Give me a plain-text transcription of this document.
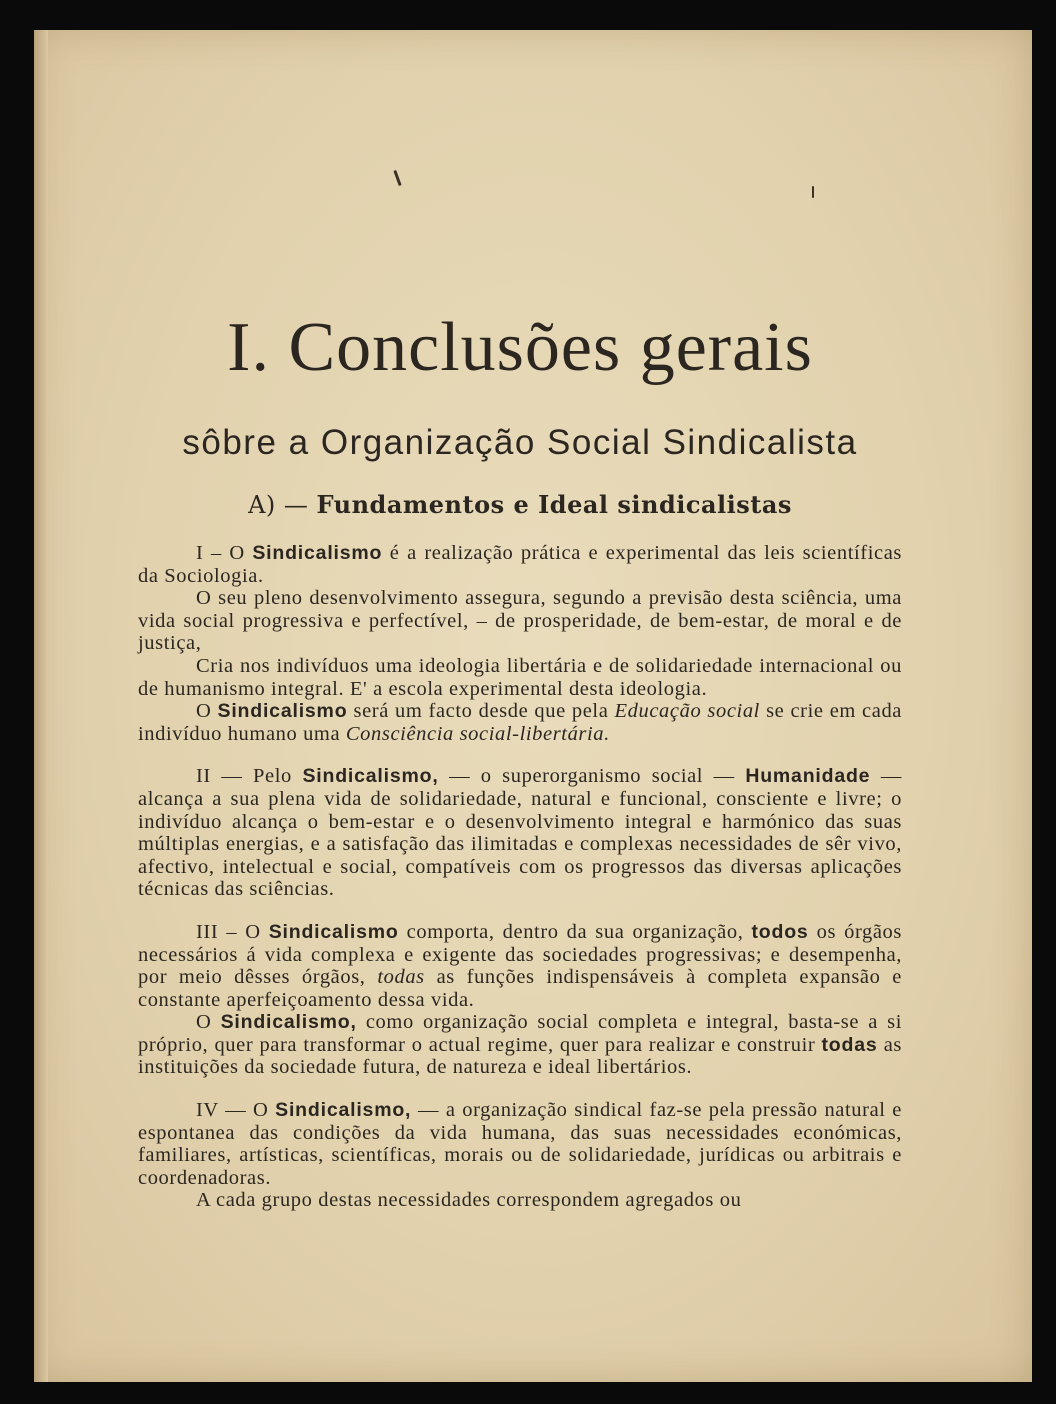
I. Conclusões gerais
sôbre a Organização Social Sindicalista
A) — Fundamentos e Ideal sindicalistas

I – O Sindicalismo é a realização prática e experimental das leis scientíficas da Sociologia.

O seu pleno desenvolvimento assegura, segundo a previsão desta sciência, uma vida social progressiva e perfectível, – de prosperidade, de bem-estar, de moral e de justiça,

Cria nos indivíduos uma ideologia libertária e de solidariedade internacional ou de humanismo integral. E' a escola experimental desta ideologia.

O Sindicalismo será um facto desde que pela Educação social se crie em cada indivíduo humano uma Consciência social-libertária.

II — Pelo Sindicalismo, — o superorganismo social — Humanidade — alcança a sua plena vida de solidariedade, natural e funcional, consciente e livre; o indivíduo alcança o bem-estar e o desenvolvimento integral e harmónico das suas múltiplas energias, e a satisfação das ilimitadas e complexas necessidades de sêr vivo, afectivo, intelectual e social, compatíveis com os progressos das diversas aplicações técnicas das sciências.

III – O Sindicalismo comporta, dentro da sua organização, todos os órgãos necessários á vida complexa e exigente das sociedades progressivas; e desempenha, por meio dêsses órgãos, todas as funções indispensáveis à completa expansão e constante aperfeiçoamento dessa vida.

O Sindicalismo, como organização social completa e integral, basta-se a si próprio, quer para transformar o actual regime, quer para realizar e construir todas as instituições da sociedade futura, de natureza e ideal libertários.

IV — O Sindicalismo, — a organização sindical faz-se pela pressão natural e espontanea das condições da vida humana, das suas necessidades económicas, familiares, artísticas, scientíficas, morais ou de solidariedade, jurídicas ou arbitrais e coordenadoras.

A cada grupo destas necessidades correspondem agregados ou
